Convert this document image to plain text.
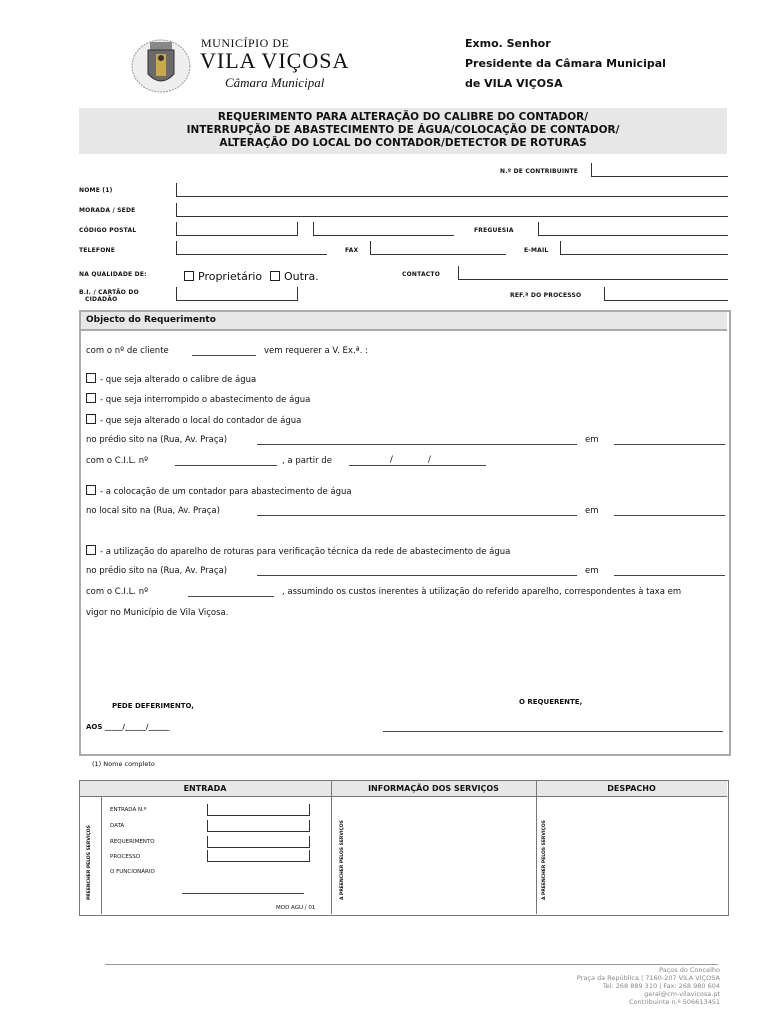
MUNICÍPIO DE
VILA VIÇOSA
Câmara Municipal
Exmo. Senhor
Presidente da Câmara Municipal
de VILA VIÇOSA
REQUERIMENTO PARA ALTERAÇÃO DO CALIBRE DO CONTADOR/
INTERRUPÇÃO DE ABASTECIMENTO DE ÁGUA/COLOCAÇÃO DE CONTADOR/
ALTERAÇÃO DO LOCAL DO CONTADOR/DETECTOR DE ROTURAS
N.º DE CONTRIBUINTE
NOME (1)
MORADA / SEDE
CÓDIGO POSTAL	FREGUESIA
TELEFONE	FAX	E-MAIL
NA QUALIDADE DE:	Proprietário	Outra.	CONTACTO
B.I. / CARTÃO DO
CIDADÃO
REF.ª DO PROCESSO
Objecto do Requerimento
com o nº de cliente	vem requerer a V. Ex.ª. :
- que seja alterado o calibre de água
- que seja interrompido o abastecimento de água
- que seja alterado o local do contador de água
no prédio sito na (Rua, Av. Praça)	em
com o C.I.L. nº	, a partir de	/	/
- a colocação de um contador para abastecimento de água
no local sito na (Rua, Av. Praça)	em
- a utilização do aparelho de roturas para verificação técnica da rede de abastecimento de água
no prédio sito na (Rua, Av. Praça)	em
com o C.I.L. nº	, assumindo os custos inerentes à utilização do referido aparelho, correspondentes à taxa em
vigor no Município de Vila Viçosa.
PEDE DEFERIMENTO,	O REQUERENTE,
AOS _____/______/______
(1) Nome completo
ENTRADA	INFORMAÇÃO DOS SERVIÇOS	DESPACHO
PREENCHER PELOS SERVIÇOS	A PREENCHER PELOS SERVIÇOS	A PREENCHER PELOS SERVIÇOS
ENTRADA N.º
DATA
REQUERIMENTO
PROCESSO
O FUNCIONÁRIO
MOD AGU / 01
Paços do Concelho
Praça da República | 7160-207 VILA VIÇOSA
Tel: 268 889 310 | Fax: 268 980 604
geral@cm-vilavicosa.pt
Contribuinte n.º 506613451
